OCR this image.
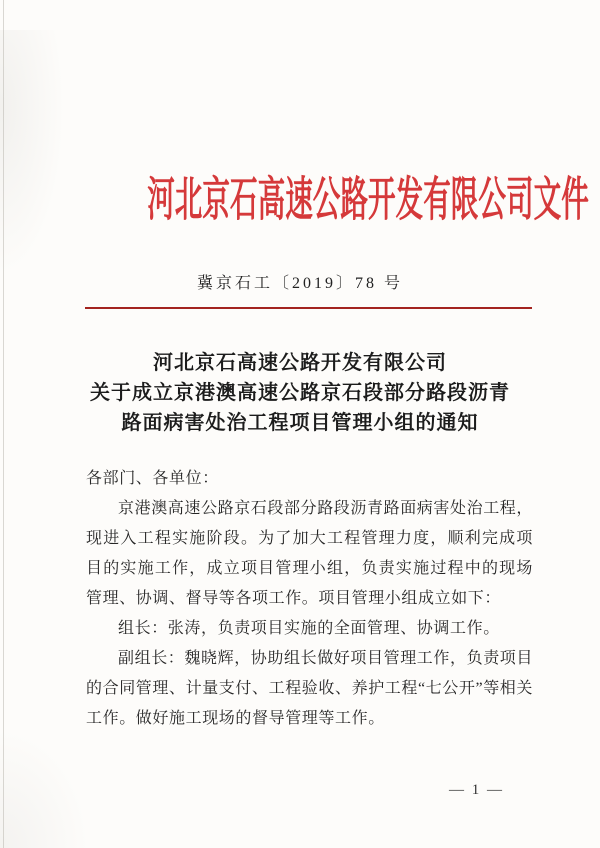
河北京石高速公路开发有限公司文件
冀京石工〔2019〕78 号
河北京石高速公路开发有限公司
关于成立京港澳高速公路京石段部分路段沥青
路面病害处治工程项目管理小组的通知
各部门、各单位：
京港澳高速公路京石段部分路段沥青路面病害处治工程，现进入工程实施阶段。为了加大工程管理力度，顺利完成项目的实施工作，成立项目管理小组，负责实施过程中的现场管理、协调、督导等各项工作。项目管理小组成立如下：
组长：张涛，负责项目实施的全面管理、协调工作。
副组长：魏晓辉，协助组长做好项目管理工作，负责项目的合同管理、计量支付、工程验收、养护工程“七公开”等相关工作。做好施工现场的督导管理等工作。
— 1 —
